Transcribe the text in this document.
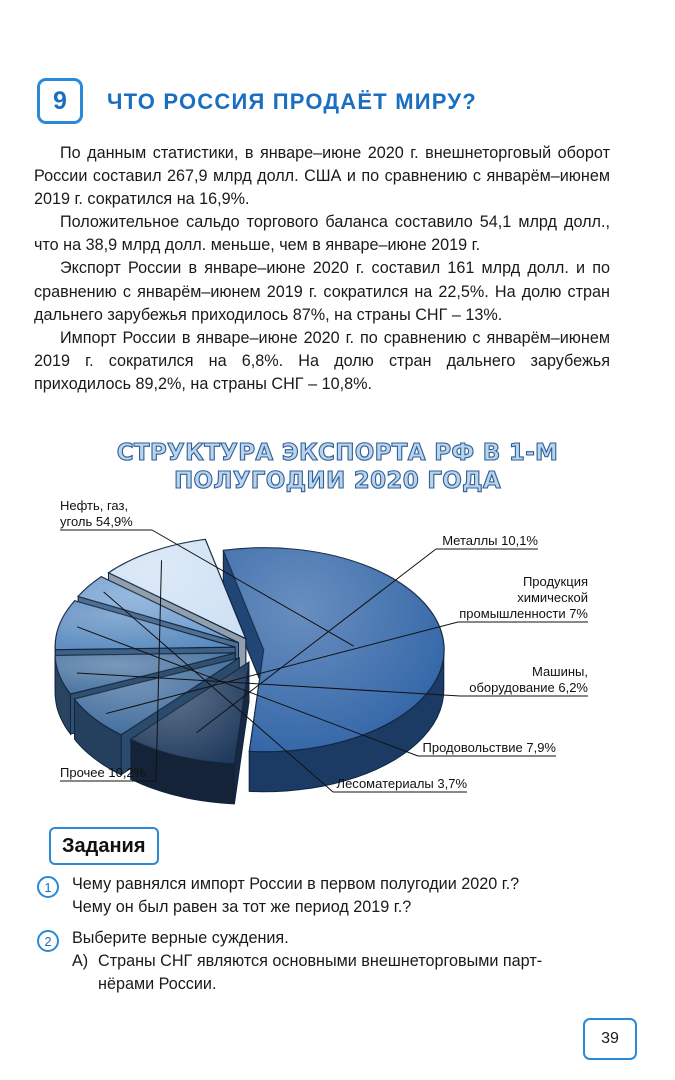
9 ЧТО РОССИЯ ПРОДАЁТ МИРУ?

По данным статистики, в январе–июне 2020 г. внешнеторговый оборот России составил 267,9 млрд долл. США и по сравнению с январём–июнем 2019 г. сократился на 16,9%.

Положительное сальдо торгового баланса составило 54,1 млрд долл., что на 38,9 млрд долл. меньше, чем в январе–июне 2019 г.

Экспорт России в январе–июне 2020 г. составил 161 млрд долл. и по сравнению с январём–июнем 2019 г. сократился на 22,5%. На долю стран дальнего зарубежья приходилось 87%, на страны СНГ – 13%.

Импорт России в январе–июне 2020 г. по сравнению с январём–июнем 2019 г. сократился на 6,8%. На долю стран дальнего зарубежья приходилось 89,2%, на страны СНГ – 10,8%.

СТРУКТУРА ЭКСПОРТА РФ В 1-М
ПОЛУГОДИИ 2020 ГОДА
Нефть, газ, уголь 54,9%
Металлы 10,1%
Продукция химической промышленности 7%
Машины, оборудование 6,2%
Продовольствие 7,9%
Лесоматериалы 3,7%
Прочее 10,2%
Задания
1	Чему равнялся импорт России в первом полугодии 2020 г.?
Чему он был равен за тот же период 2019 г.?
2	Выберите верные суждения.
А) Страны СНГ являются основными внешнеторговыми парт-
нёрами России.
39
